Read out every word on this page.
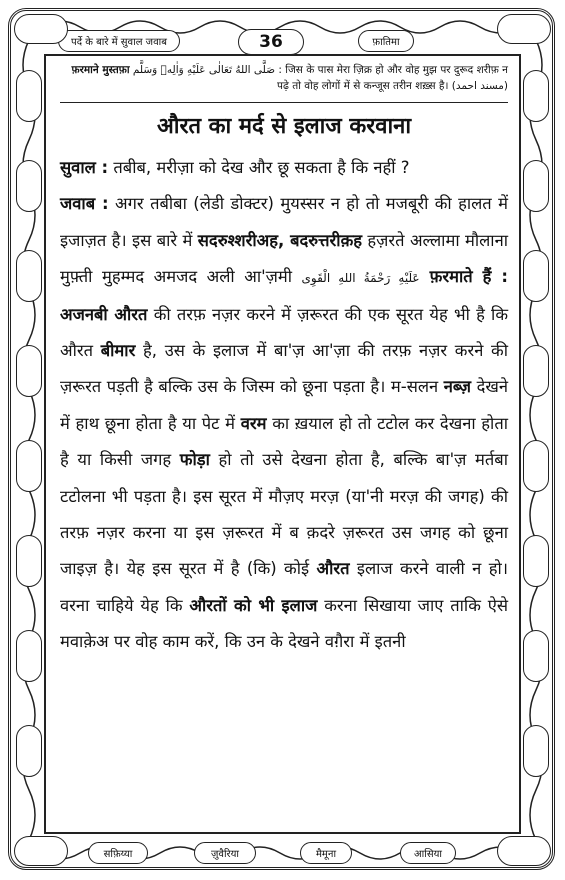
पर्दे के बारे में सुवाल जवाब	36	फ़ातिमा
फ़रमाने मुस्तफ़ा صَلَّى اللهُ تَعَالٰی عَلَیْهِ وَاٰلِهٖ وَسَلَّم : जिस के पास मेरा ज़िक्र हो और वोह मुझ पर दुरूद शरीफ़ न पढ़े तो वोह लोगों में से कन्जूस तरीन शख़्स है। (مسند احمد)
औरत का मर्द से इलाज करवाना

सुवाल : तबीब, मरीज़ा को देख और छू सकता है कि नहीं ?

जवाब : अगर तबीबा (लेडी डोक्टर) मुयस्सर न हो तो मजबूरी की हालत में इजाज़त है। इस बारे में सदरुश्शरीअह, बदरुत्तरीक़ह हज़रते अल्लामा मौलाना मुफ़्ती मुहम्मद अमजद अली आ'ज़मी عَلَیْهِ رَحْمَةُ اللهِ الْقَوِی फ़रमाते हैं : अजनबी औरत की तरफ़ नज़र करने में ज़रूरत की एक सूरत येह भी है कि औरत बीमार है, उस के इलाज में बा'ज़ आ'ज़ा की तरफ़ नज़र करने की ज़रूरत पड़ती है बल्कि उस के जिस्म को छूना पड़ता है। म-सलन नब्ज़ देखने में हाथ छूना होता है या पेट में वरम का ख़याल हो तो टटोल कर देखना होता है या किसी जगह फोड़ा हो तो उसे देखना होता है, बल्कि बा'ज़ मर्तबा टटोलना भी पड़ता है। इस सूरत में मौज़ए मरज़ (या'नी मरज़ की जगह) की तरफ़ नज़र करना या इस ज़रूरत में ब क़दरे ज़रूरत उस जगह को छूना जाइज़ है। येह इस सूरत में है (कि) कोई औरत इलाज करने वाली न हो। वरना चाहिये येह कि औरतों को भी इलाज करना सिखाया जाए ताकि ऐसे मवाक़ेअ पर वोह काम करें, कि उन के देखने वग़ैरा में इतनी

सफ़िय्या	ज़ुवैरिया	मैमूना	आसिया
